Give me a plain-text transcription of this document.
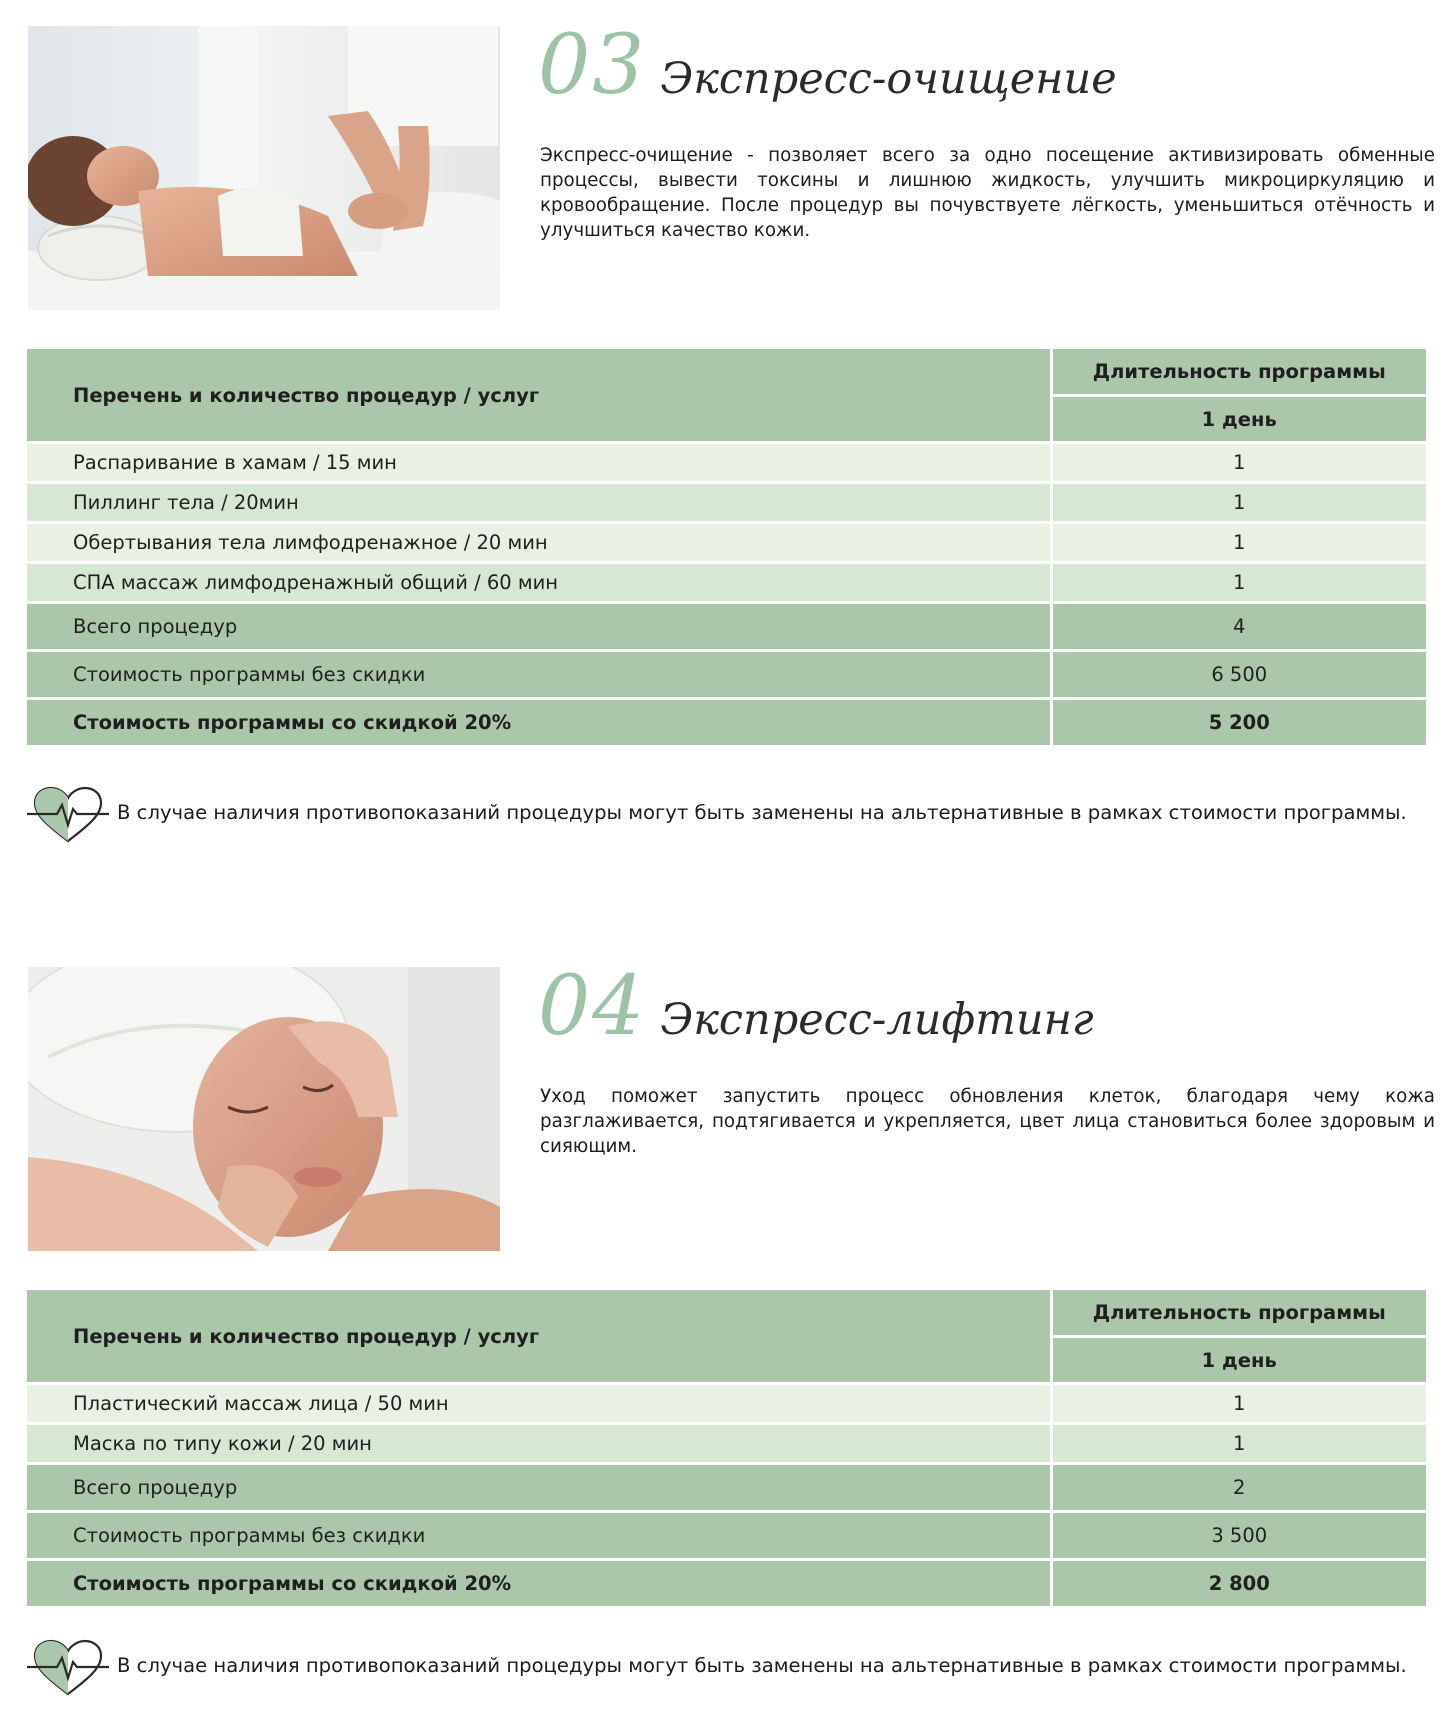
03 Экспресс-очищение

Экспресс-очищение - позволяет всего за одно посещение активизировать обменные процессы, вывести токсины и лишнюю жидкость, улучшить микроциркуляцию и кровообращение. После процедур вы почувствуете лёгкость, уменьшиться отёчность и улучшиться качество кожи.

Перечень и количество процедур / услуг	Длительность программы
	1 день
Распаривание в хамам / 15 мин	1
Пиллинг тела / 20мин	1
Обертывания тела лимфодренажное / 20 мин	1
СПА массаж лимфодренажный общий / 60 мин	1
Всего процедур	4
Стоимость программы без скидки	6 500
Стоимость программы со скидкой 20%	5 200
В случае наличия противопоказаний процедуры могут быть заменены на альтернативные в рамках стоимости программы.
04 Экспресс-лифтинг

Уход поможет запустить процесс обновления клеток, благодаря чему кожа разглаживается, подтягивается и укрепляется, цвет лица становиться более здоровым и сияющим.

Перечень и количество процедур / услуг	Длительность программы
	1 день
Пластический массаж лица / 50 мин	1
Маска по типу кожи / 20 мин	1
Всего процедур	2
Стоимость программы без скидки	3 500
Стоимость программы со скидкой 20%	2 800
В случае наличия противопоказаний процедуры могут быть заменены на альтернативные в рамках стоимости программы.
